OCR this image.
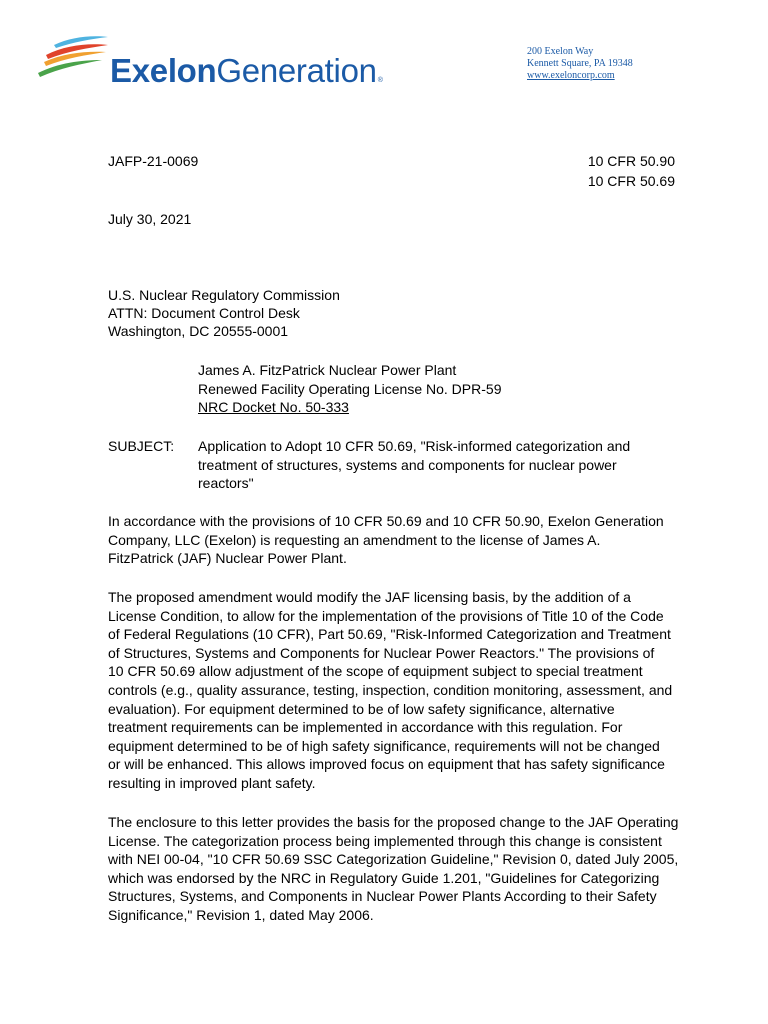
ExelonGeneration®
200 Exelon Way
Kennett Square, PA 19348
www.exeloncorp.com
JAFP-21-0069	10 CFR 50.90
10 CFR 50.69
July 30, 2021
U.S. Nuclear Regulatory Commission
ATTN: Document Control Desk
Washington, DC 20555-0001
James A. FitzPatrick Nuclear Power Plant
Renewed Facility Operating License No. DPR-59
NRC Docket No. 50-333
SUBJECT: Application to Adopt 10 CFR 50.69, "Risk-informed categorization and
treatment of structures, systems and components for nuclear power
reactors"
In accordance with the provisions of 10 CFR 50.69 and 10 CFR 50.90, Exelon Generation
Company, LLC (Exelon) is requesting an amendment to the license of James A.
FitzPatrick (JAF) Nuclear Power Plant.
The proposed amendment would modify the JAF licensing basis, by the addition of a
License Condition, to allow for the implementation of the provisions of Title 10 of the Code
of Federal Regulations (10 CFR), Part 50.69, "Risk-Informed Categorization and Treatment
of Structures, Systems and Components for Nuclear Power Reactors." The provisions of
10 CFR 50.69 allow adjustment of the scope of equipment subject to special treatment
controls (e.g., quality assurance, testing, inspection, condition monitoring, assessment, and
evaluation). For equipment determined to be of low safety significance, alternative
treatment requirements can be implemented in accordance with this regulation. For
equipment determined to be of high safety significance, requirements will not be changed
or will be enhanced. This allows improved focus on equipment that has safety significance
resulting in improved plant safety.
The enclosure to this letter provides the basis for the proposed change to the JAF Operating
License. The categorization process being implemented through this change is consistent
with NEI 00-04, "10 CFR 50.69 SSC Categorization Guideline," Revision 0, dated July 2005,
which was endorsed by the NRC in Regulatory Guide 1.201, "Guidelines for Categorizing
Structures, Systems, and Components in Nuclear Power Plants According to their Safety
Significance," Revision 1, dated May 2006.
